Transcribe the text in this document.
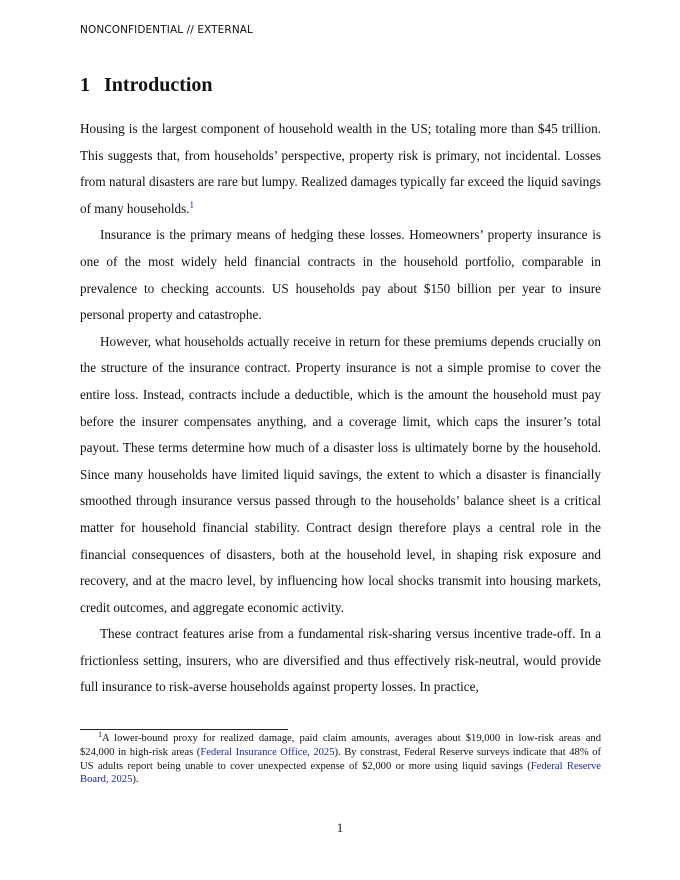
NONCONFIDENTIAL // EXTERNAL
1 Introduction

Housing is the largest component of household wealth in the US; totaling more than $45 trillion. This suggests that, from households’ perspective, property risk is primary, not incidental. Losses from natural disasters are rare but lumpy. Realized damages typically far exceed the liquid savings of many households.$^1$

Insurance is the primary means of hedging these losses. Homeowners’ property insurance is one of the most widely held financial contracts in the household portfolio, comparable in prevalence to checking accounts. US households pay about $150 billion per year to insure personal property and catastrophe.

However, what households actually receive in return for these premiums depends crucially on the structure of the insurance contract. Property insurance is not a simple promise to cover the entire loss. Instead, contracts include a deductible, which is the amount the household must pay before the insurer compensates anything, and a coverage limit, which caps the insurer’s total payout. These terms determine how much of a disaster loss is ultimately borne by the household. Since many households have limited liquid savings, the extent to which a disaster is financially smoothed through insurance versus passed through to the households’ balance sheet is a critical matter for household financial stability. Contract design therefore plays a central role in the financial consequences of disasters, both at the household level, in shaping risk exposure and recovery, and at the macro level, by influencing how local shocks transmit into housing markets, credit outcomes, and aggregate economic activity.

These contract features arise from a fundamental risk-sharing versus incentive trade-off. In a frictionless setting, insurers, who are diversified and thus effectively risk-neutral, would provide full insurance to risk-averse households against property losses. In practice,

$^1$A lower-bound proxy for realized damage, paid claim amounts, averages about $19,000 in low-risk areas and $24,000 in high-risk areas (Federal Insurance Office, 2025). By constrast, Federal Reserve surveys indicate that 48% of US adults report being unable to cover unexpected expense of $2,000 or more using liquid savings (Federal Reserve Board, 2025).

1
